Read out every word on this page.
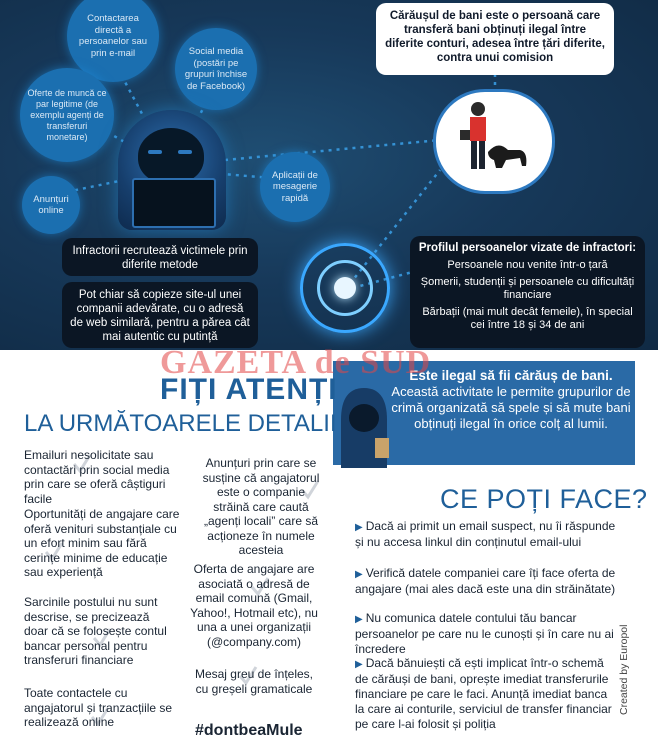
Contactarea directă a persoanelor sau prin e-mail	Social media (postări pe grupuri închise de Facebook)
Oferte de muncă ce par legitime (de exemplu agenți de transferuri monetare)
Anunțuri online
Aplicații de mesagerie rapidă
Cărăușul de bani este o persoană care transferă bani obținuți ilegal între diferite conturi, adesea între țări diferite, contra unui comision
Infractorii recrutează victimele prin diferite metode
Pot chiar să copieze site-ul unei companii adevărate, cu o adresă de web similară, pentru a părea cât mai autentic cu putință
Profilul persoanelor vizate de infractori:
Persoanele nou venite într-o țară
Șomerii, studenții și persoanele cu dificultăți financiare
Bărbații (mai mult decât femeile), în special cei între 18 și 34 de ani
Este ilegal să fii cărăuș de bani.
Această activitate le permite grupurilor de crimă organizată să spele și să mute bani obținuți ilegal în orice colț al lumii.
GAZETA de SUD
FIȚI ATENȚI
LA URMĂTOARELE DETALII
Emailuri nesolicitate sau contactări prin social media prin care se oferă câștiguri facile
Oportunități de angajare care oferă venituri substanțiale cu un efort minim sau fără cerințe minime de educație sau experiență
Sarcinile postului nu sunt descrise, se precizează doar că se folosește contul bancar personal pentru transferuri financiare
Toate contactele cu angajatorul și tranzacțiile se realizează online
Anunțuri prin care se susține că angajatorul este o companie străină care caută „agenți locali” care să acționeze în numele acesteia
Oferta de angajare are asociată o adresă de email comună (Gmail, Yahoo!, Hotmail etc), nu una a unei organizații (@company.com)
Mesaj greu de înțeles, cu greșeli gramaticale
#dontbeaMule
CE POȚI FACE?
▶ Dacă ai primit un email suspect, nu îi răspunde și nu accesa linkul din conținutul email-ului
▶ Verifică datele companiei care îți face oferta de angajare (mai ales dacă este una din străinătate)
▶ Nu comunica datele contului tău bancar persoanelor pe care nu le cunoști și în care nu ai încredere
▶ Dacă bănuiești că ești implicat într-o schemă de cărăuși de bani, oprește imediat transferurile financiare pe care le faci. Anunță imediat banca la care ai conturile, serviciul de transfer financiar pe care l-ai folosit și poliția
Created by Europol
